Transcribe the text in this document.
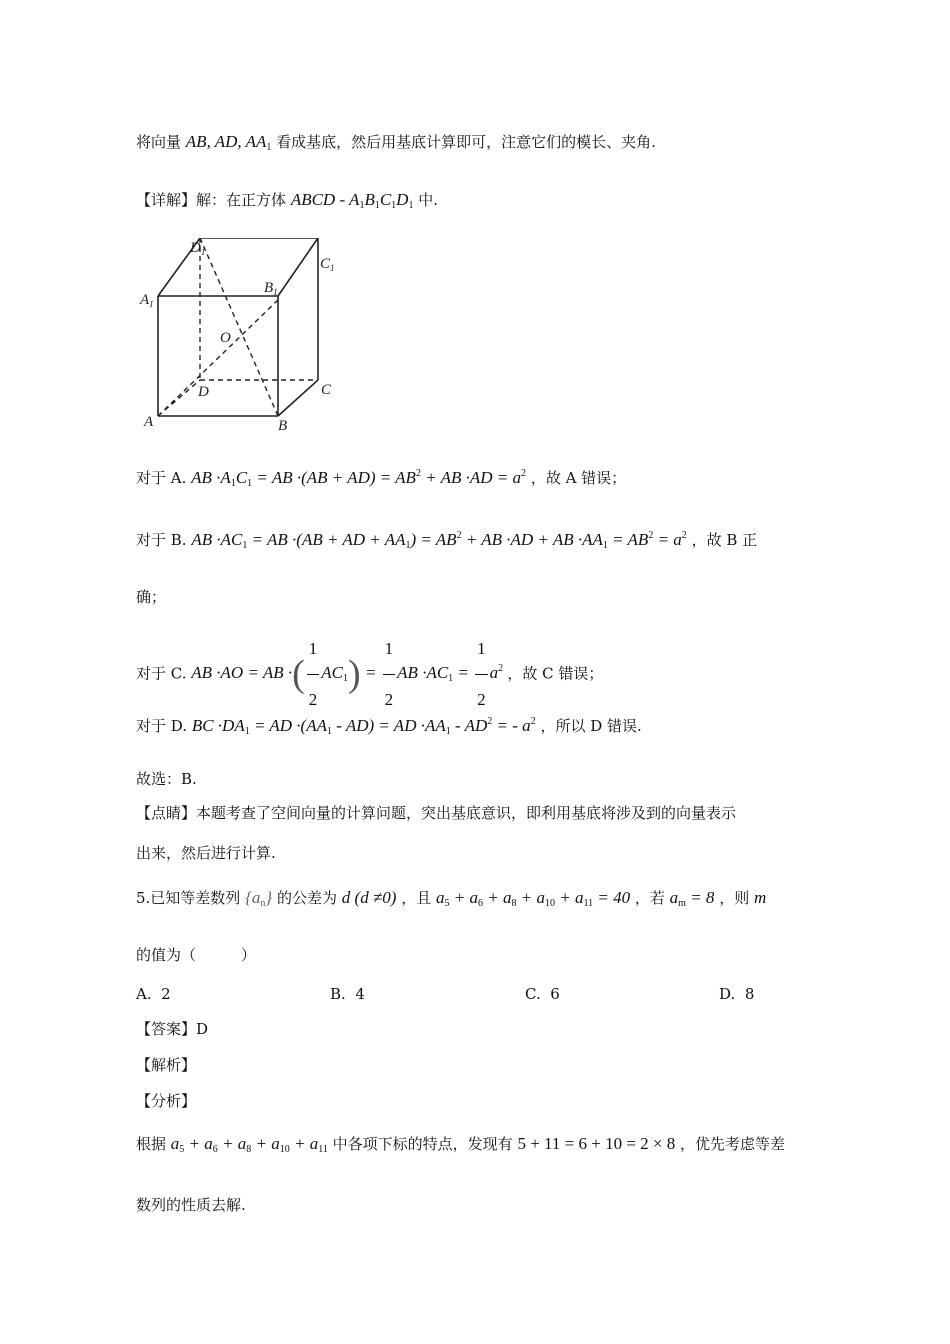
将向量 AB, AD, $AA_1$ 看成基底，然后用基底计算即可，注意它们的模长、夹角.
【详解】解：在正方体 ABCD - $A_1B_1C_1D_1$ 中.
$D_1$
$C_1$
$A_1$
$B_1$
O
D	C
A	B
对于 A. AB $\cdot A_1C_1$ = AB $\cdot(AB + AD) = AB^2$ + AB $\cdot AD = a^2$ ，故 A 错误；
对于 B. AB $\cdot AC_1$ = AB ·(AB + AD + $AA_1) = AB^2$ + AB ·AD + AB $\cdot AA_1 = AB^2 = a^2$ ，故 B 正
确；
对于 C. AB ·AO = AB ·( $\frac{1}{2} AC_1) = \frac{1}{2}$ AB $\cdot AC_1 = \frac{1}{2} a^2$ ，故 C 错误；
对于 D. BC $\cdot DA_1$ = AD $\cdot(AA_1 - AD)$ = AD $\cdot AA_1 - AD^2$ = - $a^2$ ，所以 D 错误.
故选：B.
【点睛】本题考查了空间向量的计算问题，突出基底意识，即利用基底将涉及到的向量表示
出来，然后进行计算.
5.已知等差数列 $\{a_n\}$ 的公差为 d (d ≠0) ，且 $a_5 + a_6 + a_8 + a_{10} + a_{11} = 40$ ，若 $a_m = 8$ ，则 m
的值为（　　　）
A. 2	B. 4	C. 6	D. 8
【答案】D
【解析】
【分析】
根据 $a_5 + a_6 + a_8 + a_{10} + a_{11}$ 中各项下标的特点，发现有 5 + 11 = 6 + 10 = 2 × 8 ，优先考虑等差
数列的性质去解.
